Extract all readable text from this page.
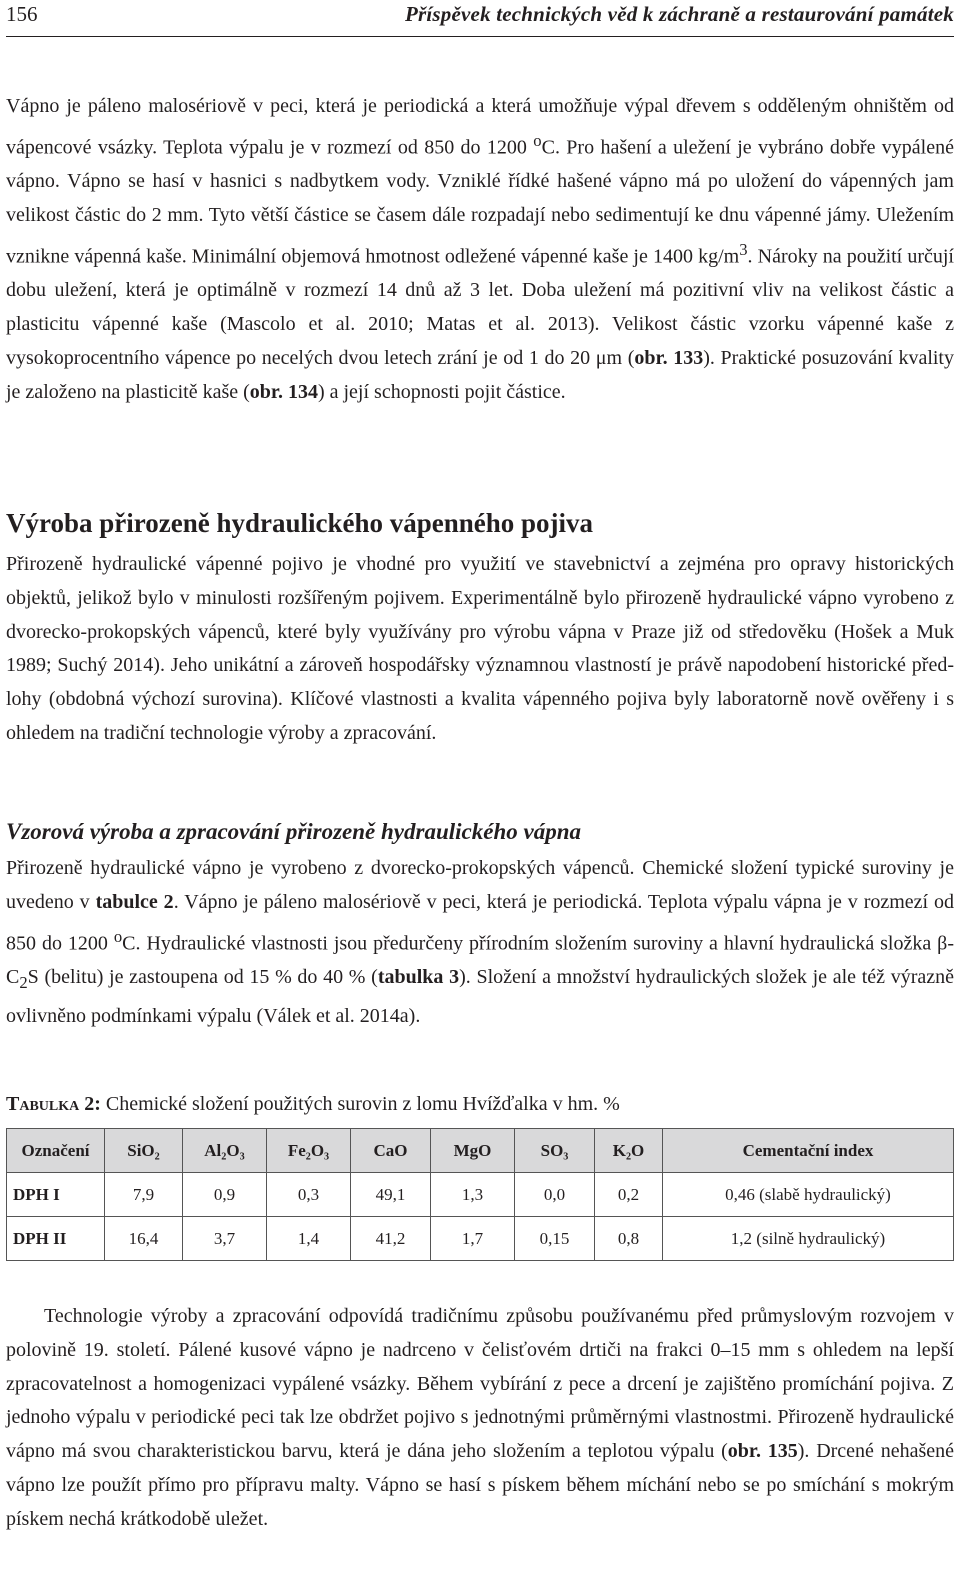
156	Příspěvek technických věd k záchraně a restaurování památek

Vápno je páleno malosériově v peci, která je periodická a která umožňuje výpal dřevem s odděleným ohništěm od vápencové vsázky. Teplota výpalu je v rozmezí od 850 do 1200 $^o$C. Pro hašení a uležení je vybráno dobře vypálené vápno. Vápno se hasí v hasnici s nadbytkem vody. Vzniklé řídké hašené vápno má po uložení do vápenných jam velikost částic do 2 mm. Tyto větší částice se časem dále rozpadají nebo sedimentují ke dnu vápenné jámy. Uležením vznikne vápenná kaše. Minimální objemová hmotnost odležené vápenné kaše je 1400 $kg/m^3$. Nároky na použití určují dobu uležení, která je optimálně v rozmezí 14 dnů až 3 let. Doba uležení má pozitivní vliv na velikost částic a plasticitu vápenné kaše (Mascolo et al. 2010; Matas et al. 2013). Velikost částic vzorku vápenné kaše z vysokoprocentního vápence po necelých dvou letech zrání je od 1 do 20 μm (obr. 133). Praktické posuzování kvality je založeno na plasticitě kaše (obr. 134) a její schopnosti pojit částice.

Výroba přirozeně hydraulického vápenného pojiva

Přirozeně hydraulické vápenné pojivo je vhodné pro využití ve stavebnictví a zejména pro opravy historických objektů, jelikož bylo v minulosti rozšířeným pojivem. Experimentálně bylo přirozeně hydraulické vápno vyrobeno z dvorecko-prokopských vápenců, které byly využívány pro výrobu vápna v Praze již od středověku (Hošek a Muk 1989; Suchý 2014). Jeho unikátní a zároveň hospodářsky významnou vlastností je právě napodobení historické předlohy (obdobná výchozí surovina). Klíčové vlastnosti a kvalita vápenného pojiva byly laboratorně nově ověřeny i s ohledem na tradiční technologie výroby a zpracování.

Vzorová výroba a zpracování přirozeně hydraulického vápna

Přirozeně hydraulické vápno je vyrobeno z dvorecko-prokopských vápenců. Chemické složení typické suroviny je uvedeno v tabulce 2. Vápno je páleno malosériově v peci, která je periodická. Teplota výpalu vápna je v rozmezí od 850 do 1200 $^o$C. Hydraulické vlastnosti jsou předurčeny přírodním složením suroviny a hlavní hydraulická složka $\beta-C_2S$ (belitu) je zastoupena od 15 % do 40 % (tabulka 3). Složení a množství hydraulických složek je ale též výrazně ovlivněno podmínkami výpalu (Válek et al. 2014a).

Tabulka 2: Chemické složení použitých surovin z lomu Hvížďalka v hm. %
Označení	SiO₂	Al₂O₃	Fe₂O₃	CaO	MgO	SO₃	K₂O	Cementační index
DPH I	7,9	0,9	0,3	49,1	1,3	0,0	0,2	0,46 (slabě hydraulický)
DPH II	16,4	3,7	1,4	41,2	1,7	0,15	0,8	1,2 (silně hydraulický)

Technologie výroby a zpracování odpovídá tradičnímu způsobu používanému před průmyslovým rozvojem v polovině 19. století. Pálené kusové vápno je nadrceno v čelisťovém drtiči na frakci 0–15 mm s ohledem na lepší zpracovatelnost a homogenizaci vypálené vsázky. Během vybírání z pece a drcení je zajištěno promíchání pojiva. Z jednoho výpalu v periodické peci tak lze obdržet pojivo s jednotnými průměrnými vlastnostmi. Přirozeně hydraulické vápno má svou charakteristickou barvu, která je dána jeho složením a teplotou výpalu (obr. 135). Drcené nehašené vápno lze použít přímo pro přípravu malty. Vápno se hasí s pískem během míchání nebo se po smíchání s mokrým pískem nechá krátkodobě uležet.
